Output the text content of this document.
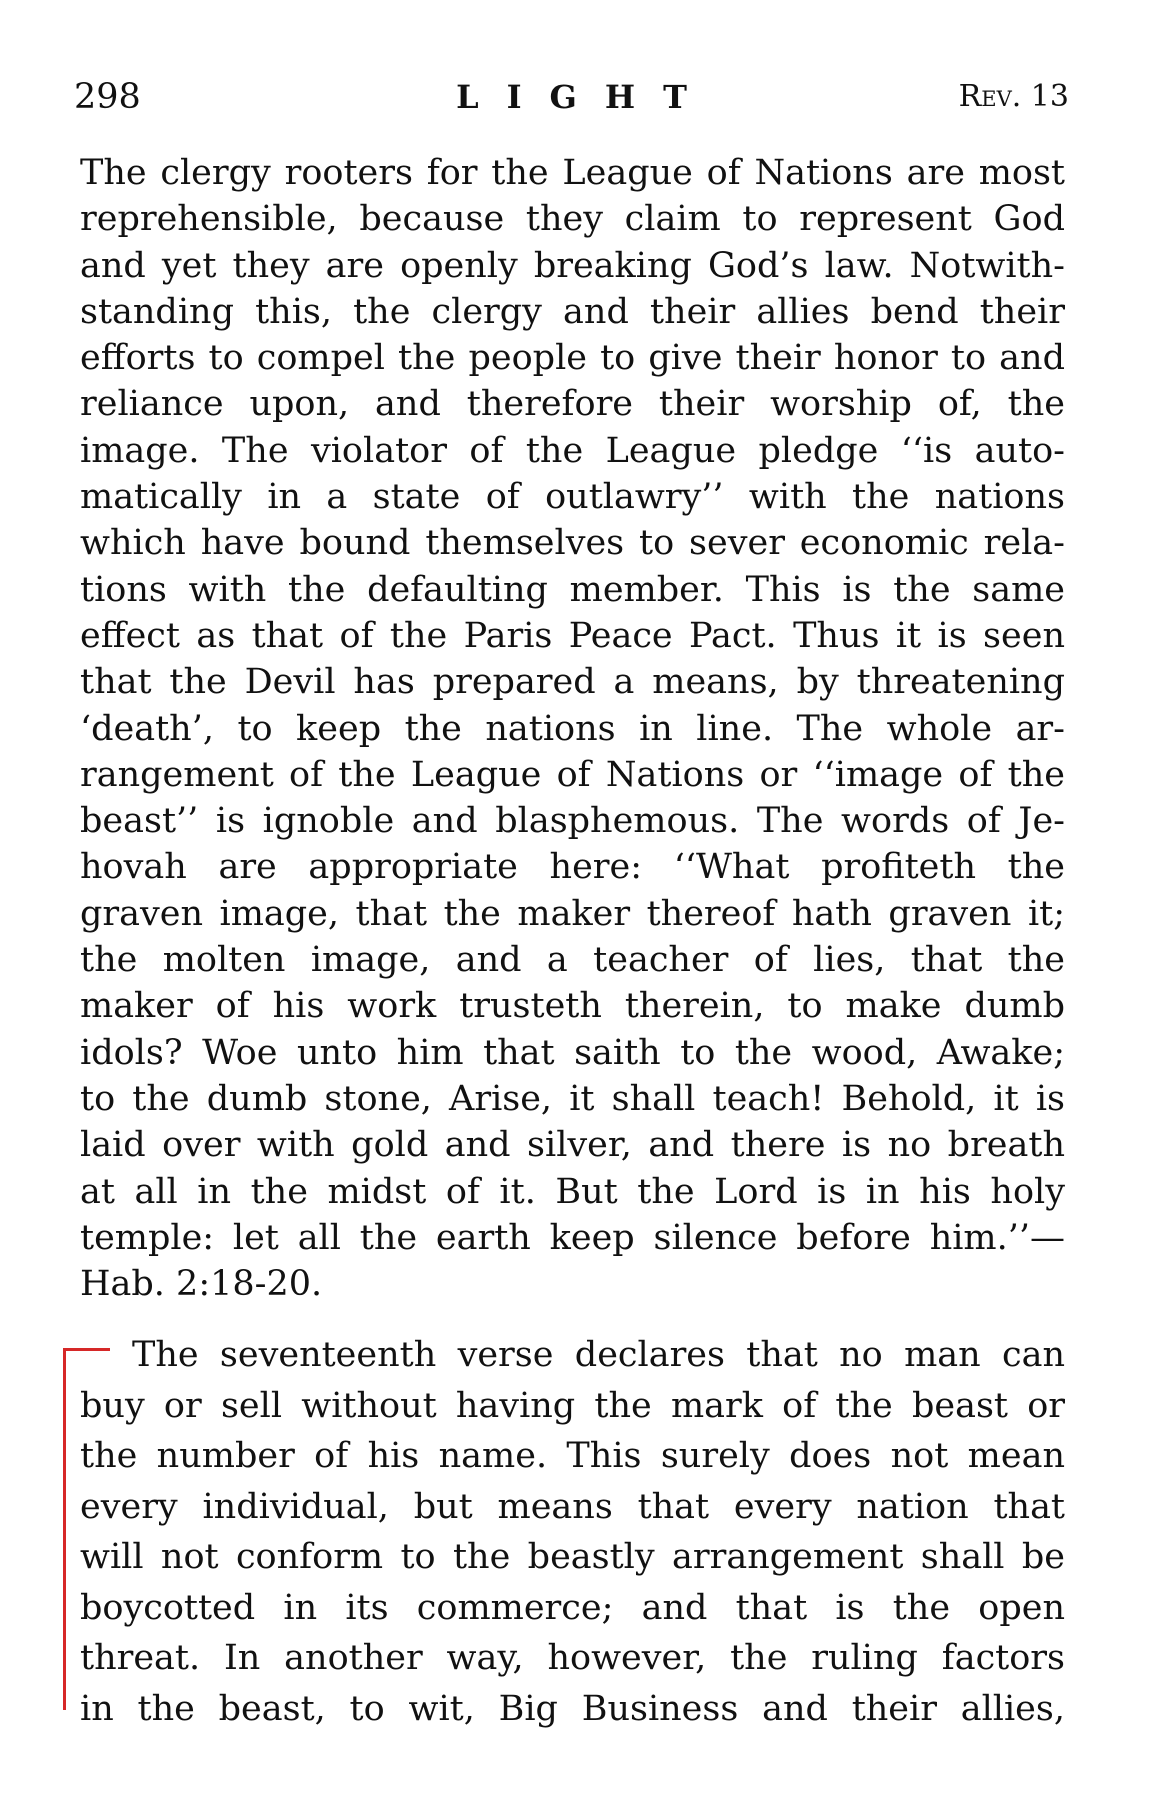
298	LIGHT	Rev. 13
The clergy rooters for the League of Nations are most
reprehensible, because they claim to represent God
and yet they are openly breaking God’s law. Notwith-
standing this, the clergy and their allies bend their
efforts to compel the people to give their honor to and
reliance upon, and therefore their worship of, the
image. The violator of the League pledge ‘‘is auto-
matically in a state of outlawry’’ with the nations
which have bound themselves to sever economic rela-
tions with the defaulting member. This is the same
effect as that of the Paris Peace Pact. Thus it is seen
that the Devil has prepared a means, by threatening
‘death’, to keep the nations in line. The whole ar-
rangement of the League of Nations or ‘‘image of the
beast’’ is ignoble and blasphemous. The words of Je-
hovah are appropriate here: ‘‘What profiteth the
graven image, that the maker thereof hath graven it;
the molten image, and a teacher of lies, that the
maker of his work trusteth therein, to make dumb
idols? Woe unto him that saith to the wood, Awake;
to the dumb stone, Arise, it shall teach! Behold, it is
laid over with gold and silver, and there is no breath
at all in the midst of it. But the Lord is in his holy
temple: let all the earth keep silence before him.’’—
Hab. 2:18-20.
The seventeenth verse declares that no man can
buy or sell without having the mark of the beast or
the number of his name. This surely does not mean
every individual, but means that every nation that
will not conform to the beastly arrangement shall be
boycotted in its commerce; and that is the open
threat. In another way, however, the ruling factors
in the beast, to wit, Big Business and their allies,
